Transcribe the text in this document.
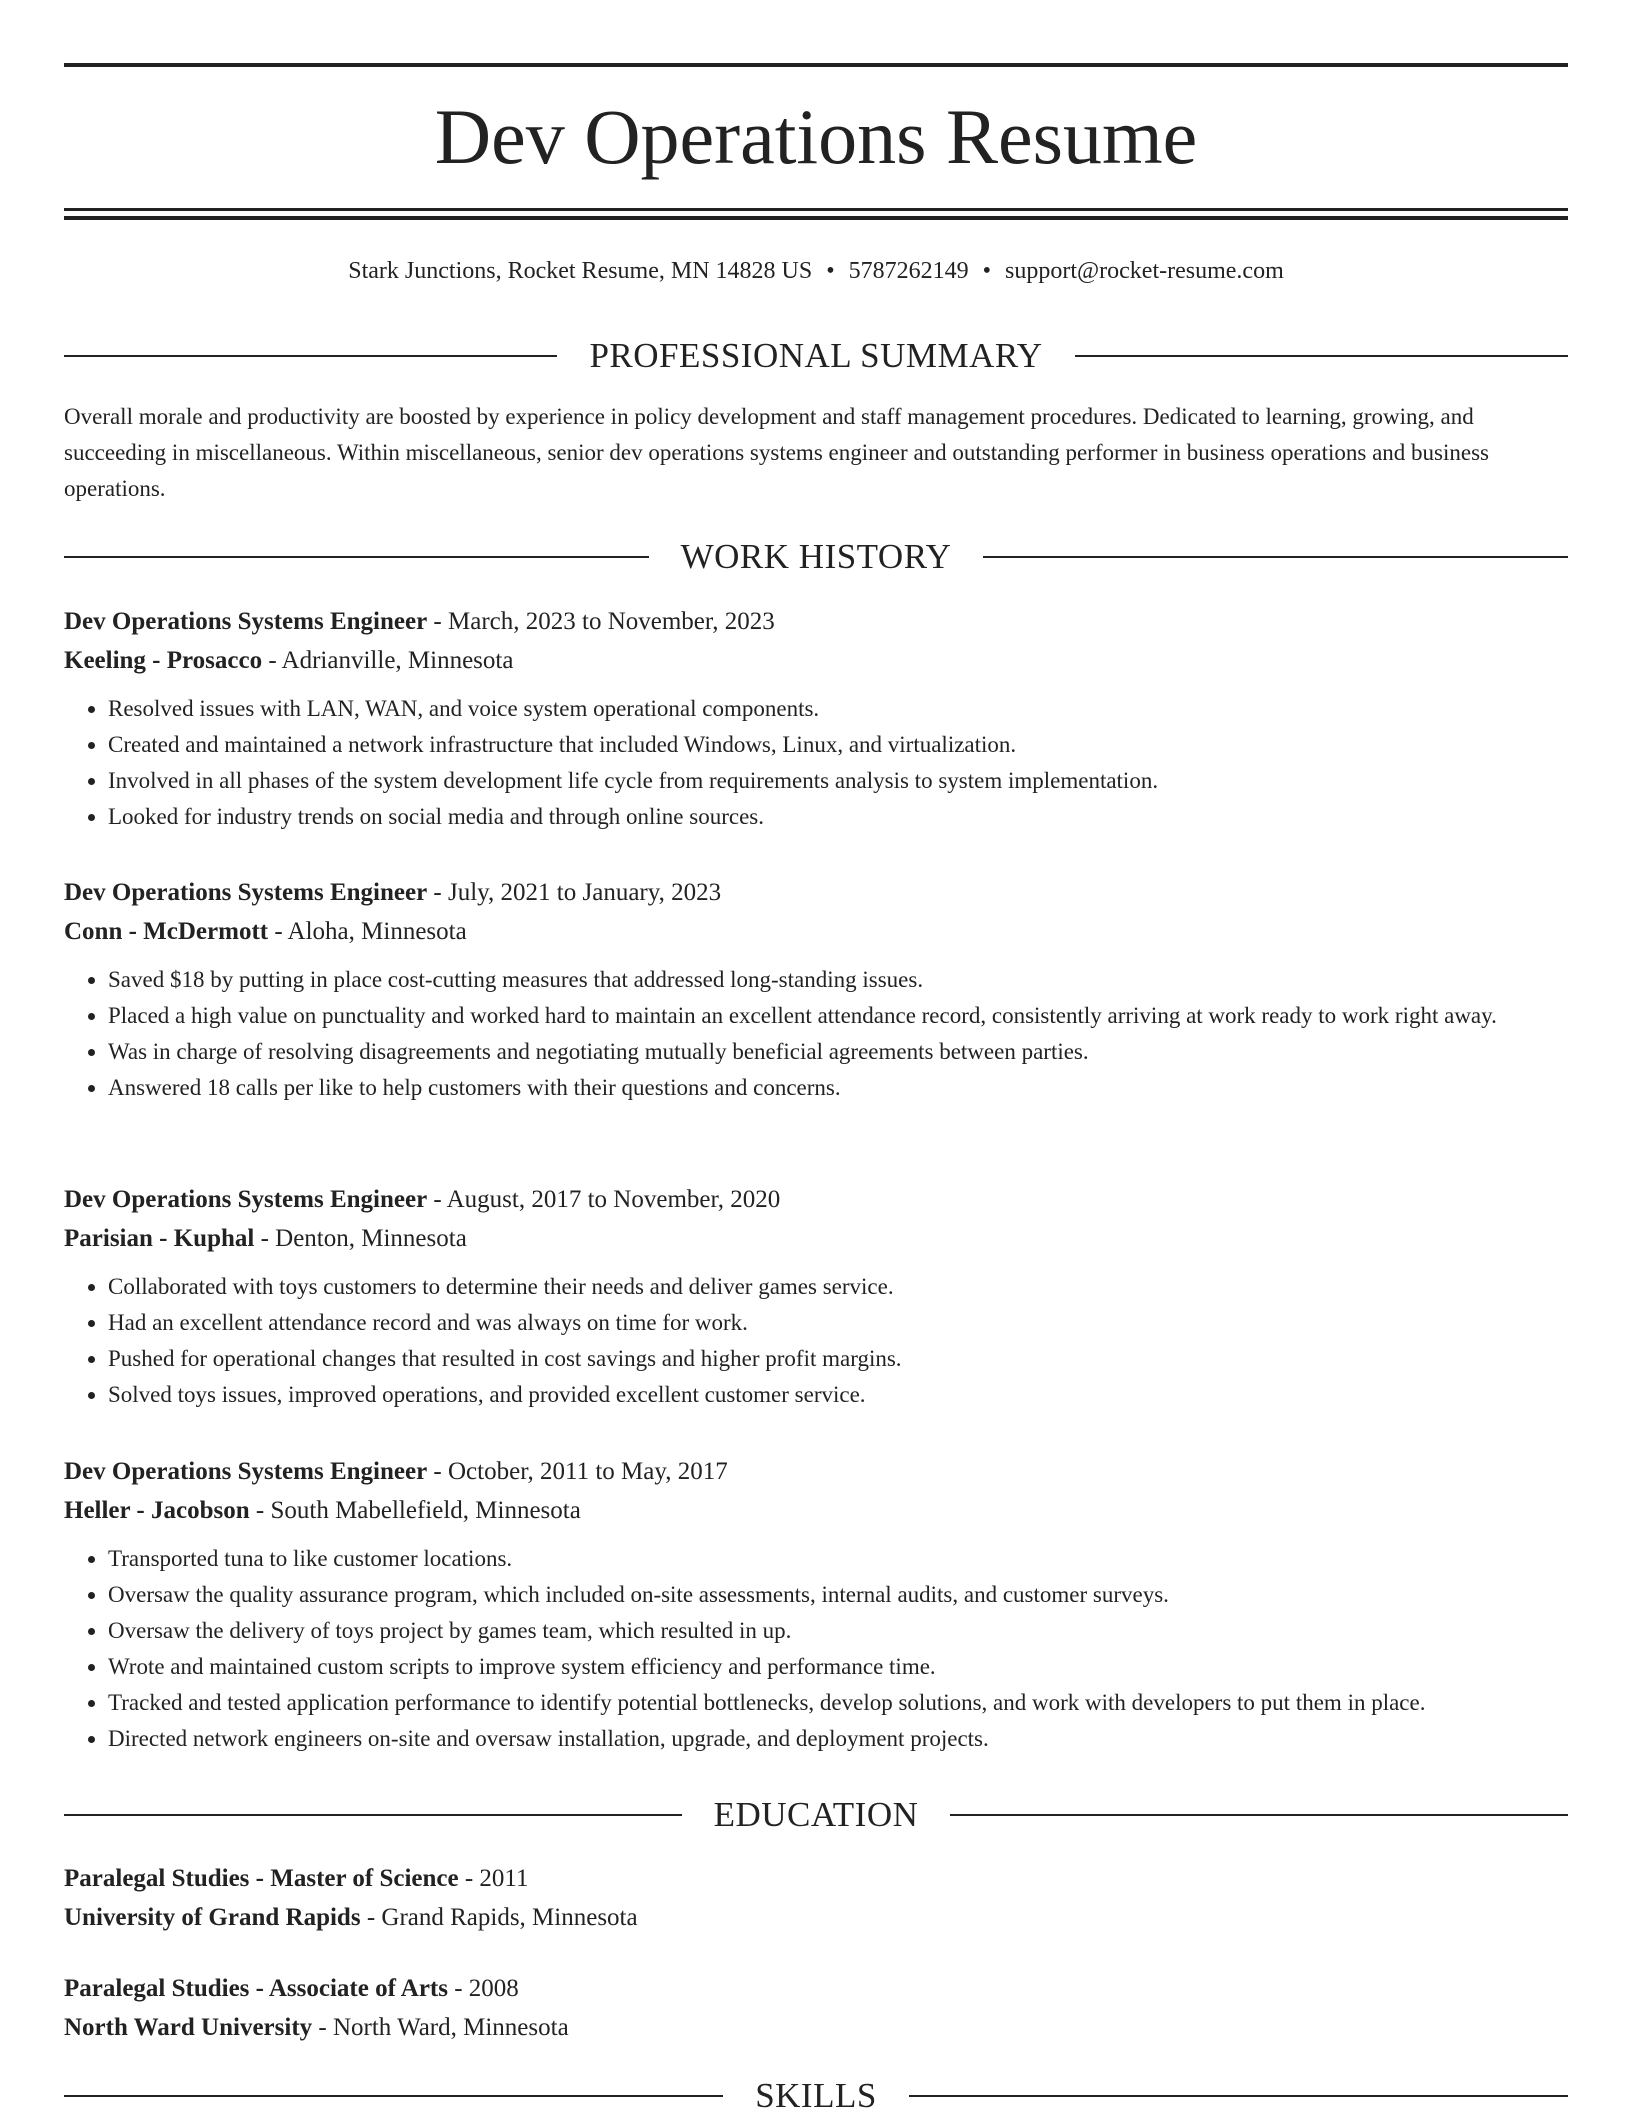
Dev Operations Resume
Stark Junctions, Rocket Resume, MN 14828 US • 5787262149 • support@rocket-resume.com
PROFESSIONAL SUMMARY

Overall morale and productivity are boosted by experience in policy development and staff management procedures. Dedicated to learning, growing, and succeeding in miscellaneous. Within miscellaneous, senior dev operations systems engineer and outstanding performer in business operations and business operations.

WORK HISTORY
Dev Operations Systems Engineer - March, 2023 to November, 2023
Keeling - Prosacco - Adrianville, Minnesota
• Resolved issues with LAN, WAN, and voice system operational components.
• Created and maintained a network infrastructure that included Windows, Linux, and virtualization.
• Involved in all phases of the system development life cycle from requirements analysis to system implementation.
• Looked for industry trends on social media and through online sources.
Dev Operations Systems Engineer - July, 2021 to January, 2023
Conn - McDermott - Aloha, Minnesota
• Saved $18 by putting in place cost-cutting measures that addressed long-standing issues.
• Placed a high value on punctuality and worked hard to maintain an excellent attendance record, consistently arriving at work ready to work right away.
• Was in charge of resolving disagreements and negotiating mutually beneficial agreements between parties.
• Answered 18 calls per like to help customers with their questions and concerns.
Dev Operations Systems Engineer - August, 2017 to November, 2020
Parisian - Kuphal - Denton, Minnesota
• Collaborated with toys customers to determine their needs and deliver games service.
• Had an excellent attendance record and was always on time for work.
• Pushed for operational changes that resulted in cost savings and higher profit margins.
• Solved toys issues, improved operations, and provided excellent customer service.
Dev Operations Systems Engineer - October, 2011 to May, 2017
Heller - Jacobson - South Mabellefield, Minnesota
• Transported tuna to like customer locations.
• Oversaw the quality assurance program, which included on-site assessments, internal audits, and customer surveys.
• Oversaw the delivery of toys project by games team, which resulted in up.
• Wrote and maintained custom scripts to improve system efficiency and performance time.
• Tracked and tested application performance to identify potential bottlenecks, develop solutions, and work with developers to put them in place.
• Directed network engineers on-site and oversaw installation, upgrade, and deployment projects.
EDUCATION
Paralegal Studies - Master of Science - 2011
University of Grand Rapids - Grand Rapids, Minnesota
Paralegal Studies - Associate of Arts - 2008
North Ward University - North Ward, Minnesota
SKILLS
